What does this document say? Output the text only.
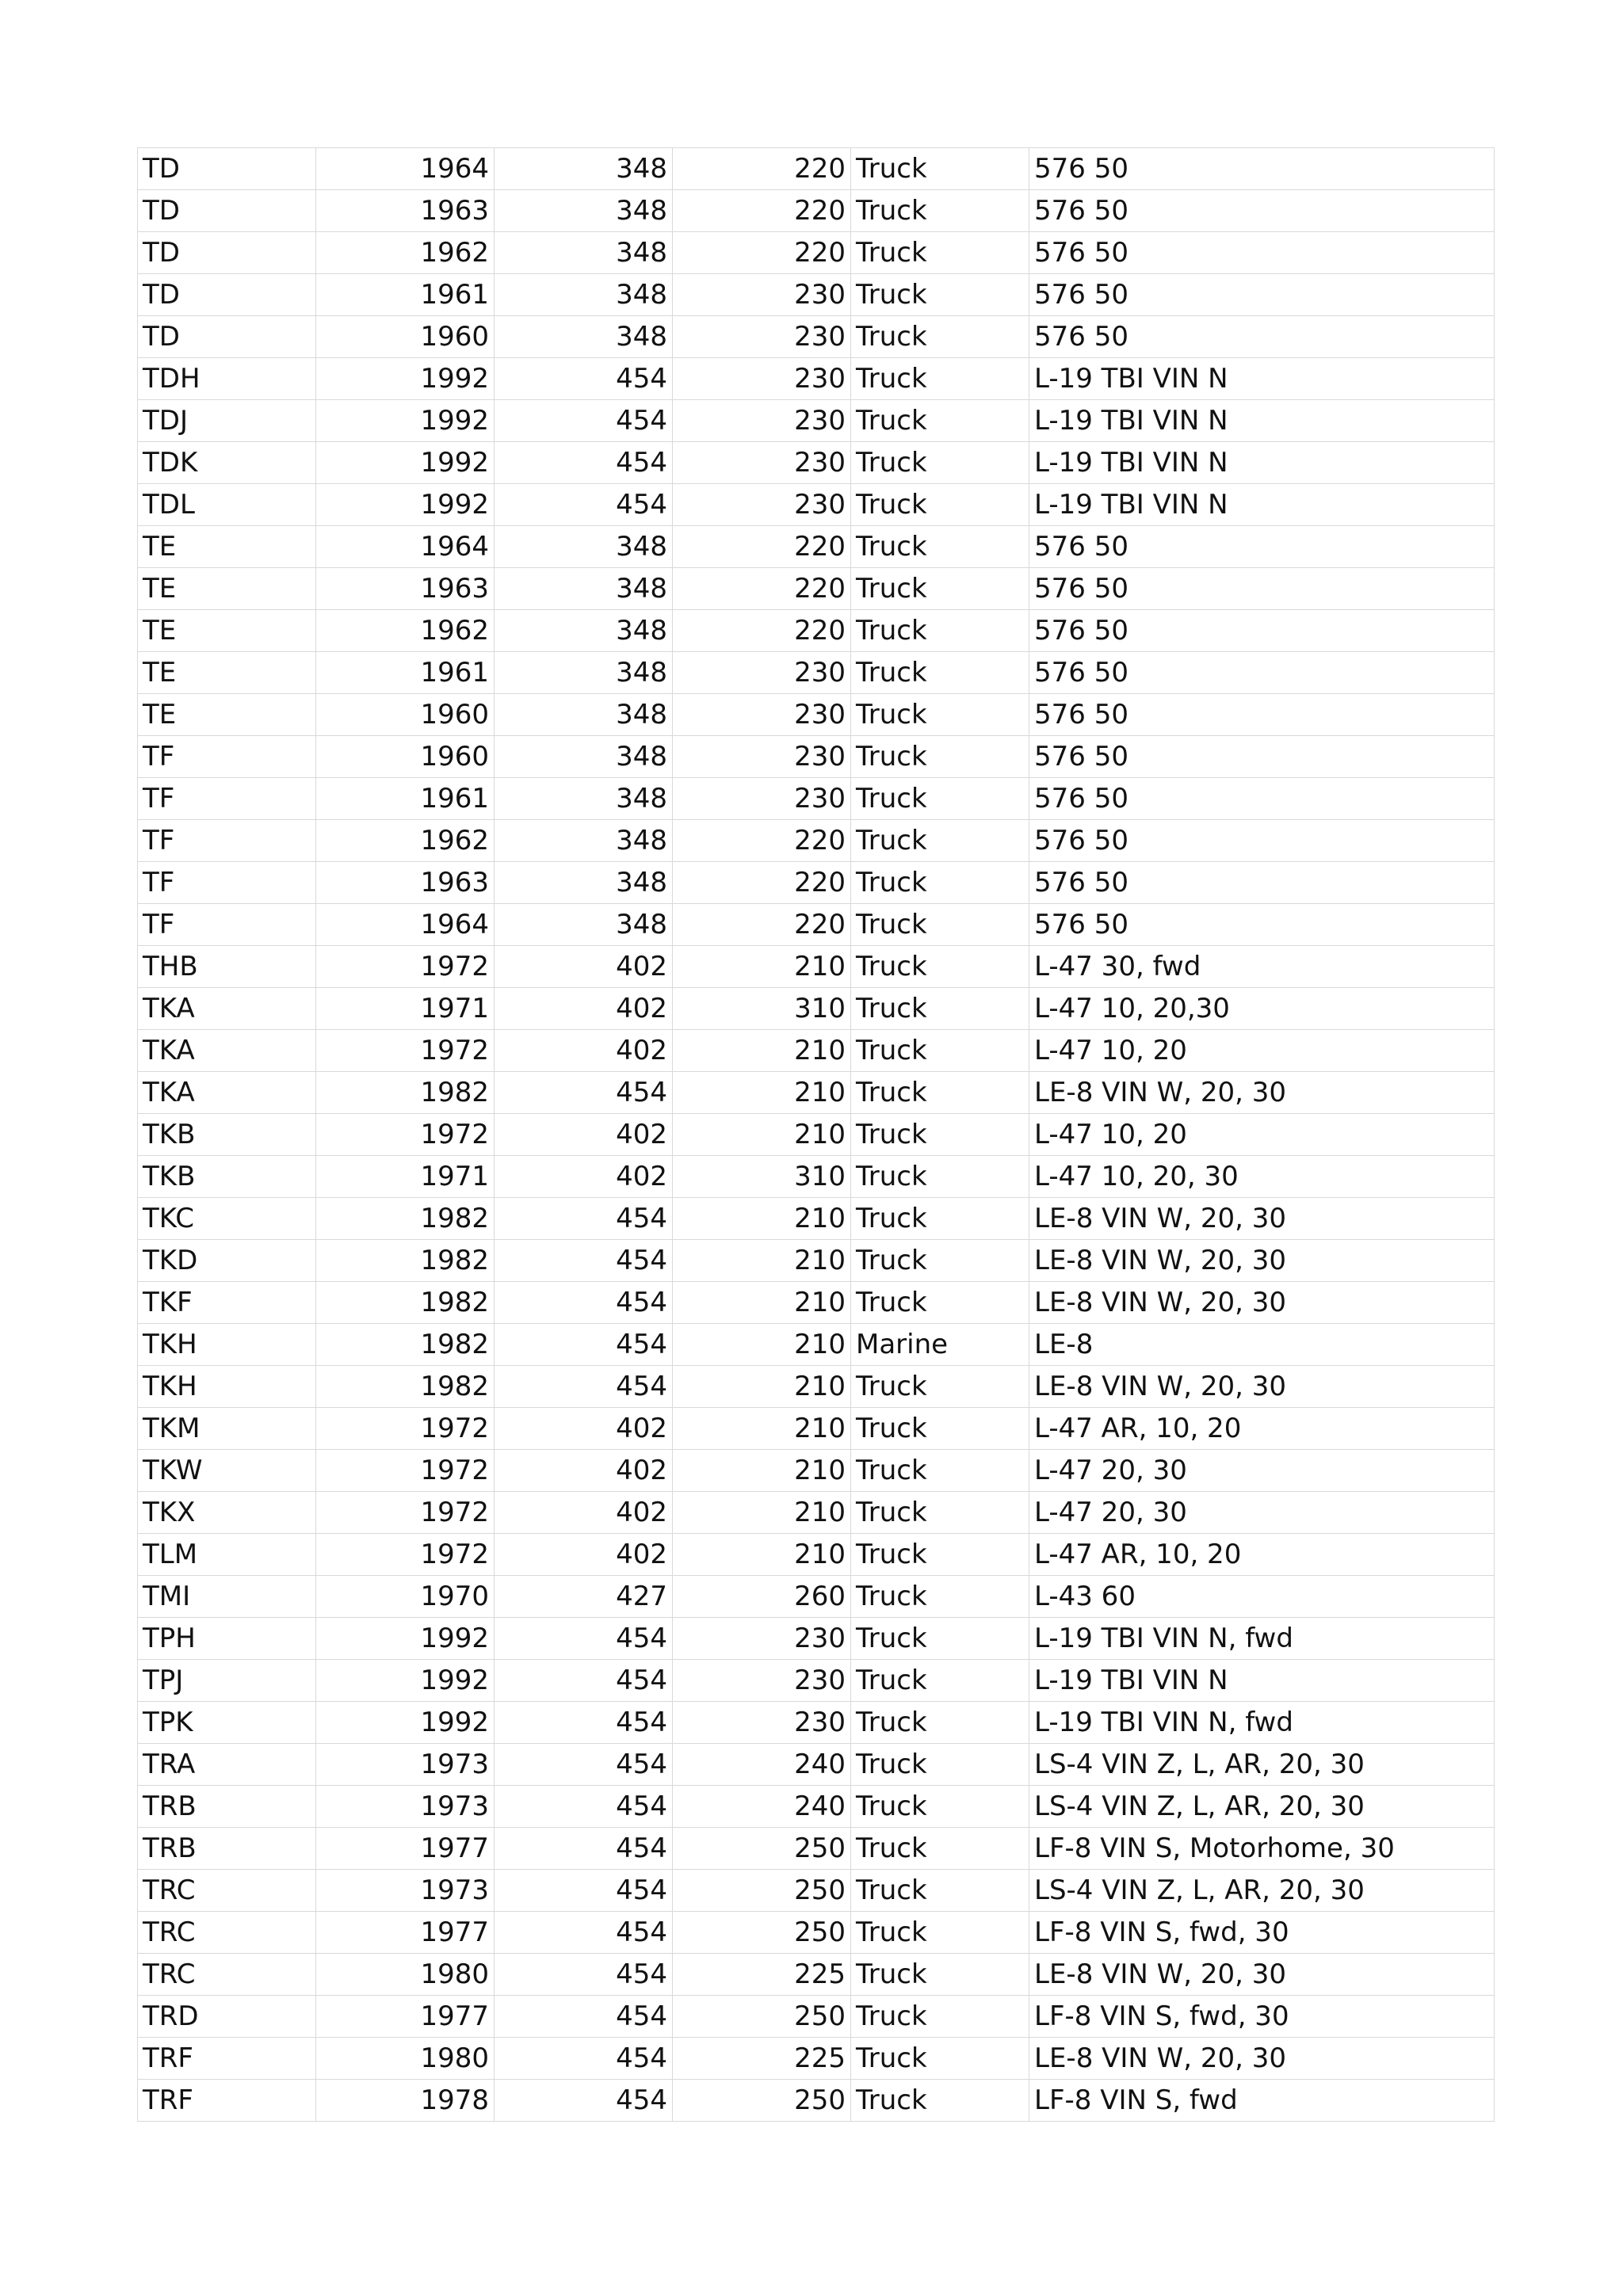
TD	1964	348	220	Truck	576 50
TD	1963	348	220	Truck	576 50
TD	1962	348	220	Truck	576 50
TD	1961	348	230	Truck	576 50
TD	1960	348	230	Truck	576 50
TDH	1992	454	230	Truck	L-19 TBI VIN N
TDJ	1992	454	230	Truck	L-19 TBI VIN N
TDK	1992	454	230	Truck	L-19 TBI VIN N
TDL	1992	454	230	Truck	L-19 TBI VIN N
TE	1964	348	220	Truck	576 50
TE	1963	348	220	Truck	576 50
TE	1962	348	220	Truck	576 50
TE	1961	348	230	Truck	576 50
TE	1960	348	230	Truck	576 50
TF	1960	348	230	Truck	576 50
TF	1961	348	230	Truck	576 50
TF	1962	348	220	Truck	576 50
TF	1963	348	220	Truck	576 50
TF	1964	348	220	Truck	576 50
THB	1972	402	210	Truck	L-47 30, fwd
TKA	1971	402	310	Truck	L-47 10, 20,30
TKA	1972	402	210	Truck	L-47 10, 20
TKA	1982	454	210	Truck	LE-8 VIN W, 20, 30
TKB	1972	402	210	Truck	L-47 10, 20
TKB	1971	402	310	Truck	L-47 10, 20, 30
TKC	1982	454	210	Truck	LE-8 VIN W, 20, 30
TKD	1982	454	210	Truck	LE-8 VIN W, 20, 30
TKF	1982	454	210	Truck	LE-8 VIN W, 20, 30
TKH	1982	454	210	Marine	LE-8
TKH	1982	454	210	Truck	LE-8 VIN W, 20, 30
TKM	1972	402	210	Truck	L-47 AR, 10, 20
TKW	1972	402	210	Truck	L-47 20, 30
TKX	1972	402	210	Truck	L-47 20, 30
TLM	1972	402	210	Truck	L-47 AR, 10, 20
TMI	1970	427	260	Truck	L-43 60
TPH	1992	454	230	Truck	L-19 TBI VIN N, fwd
TPJ	1992	454	230	Truck	L-19 TBI VIN N
TPK	1992	454	230	Truck	L-19 TBI VIN N, fwd
TRA	1973	454	240	Truck	LS-4 VIN Z, L, AR, 20, 30
TRB	1973	454	240	Truck	LS-4 VIN Z, L, AR, 20, 30
TRB	1977	454	250	Truck	LF-8 VIN S, Motorhome, 30
TRC	1973	454	250	Truck	LS-4 VIN Z, L, AR, 20, 30
TRC	1977	454	250	Truck	LF-8 VIN S, fwd, 30
TRC	1980	454	225	Truck	LE-8 VIN W, 20, 30
TRD	1977	454	250	Truck	LF-8 VIN S, fwd, 30
TRF	1980	454	225	Truck	LE-8 VIN W, 20, 30
TRF	1978	454	250	Truck	LF-8 VIN S, fwd
